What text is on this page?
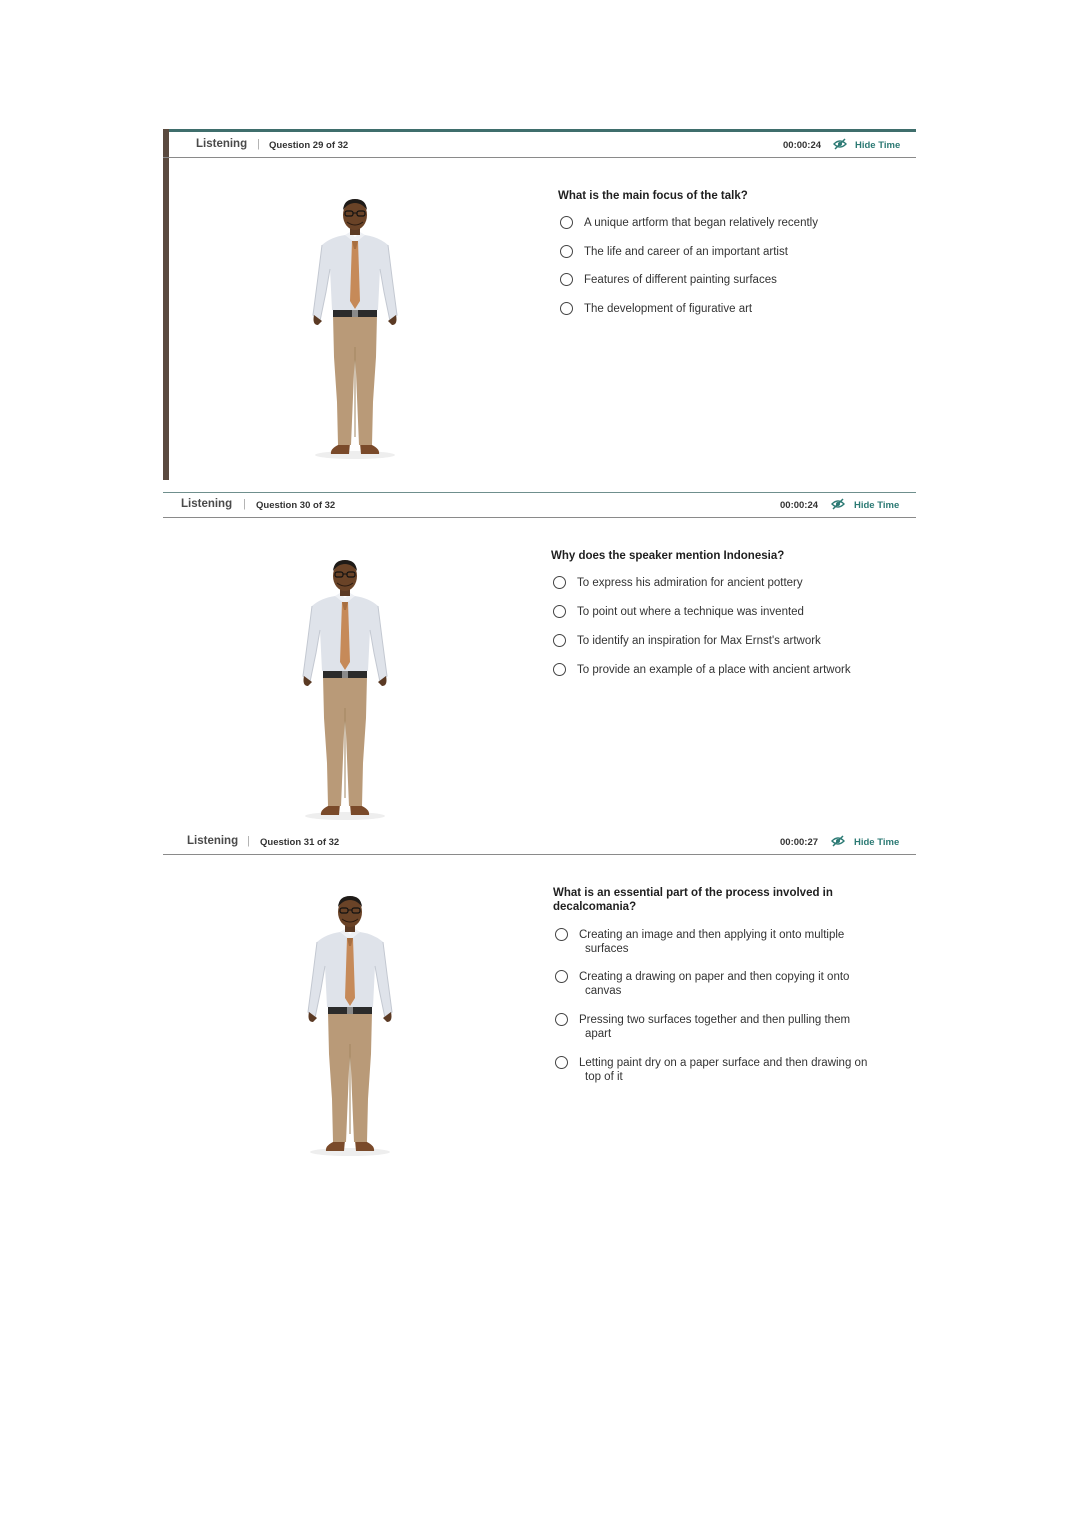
Listening | Question 29 of 32	00:00:24	Hide Time
What is the main focus of the talk?
A unique artform that began relatively recently
The life and career of an important artist
Features of different painting surfaces
The development of figurative art
Listening | Question 30 of 32	00:00:24	Hide Time
Why does the speaker mention Indonesia?
To express his admiration for ancient pottery
To point out where a technique was invented
To identify an inspiration for Max Ernst's artwork
To provide an example of a place with ancient artwork
Listening | Question 31 of 32	00:00:27	Hide Time
What is an essential part of the process involved in
decalcomania?
Creating an image and then applying it onto multiple
surfaces
Creating a drawing on paper and then copying it onto
canvas
Pressing two surfaces together and then pulling them
apart
Letting paint dry on a paper surface and then drawing on
top of it
